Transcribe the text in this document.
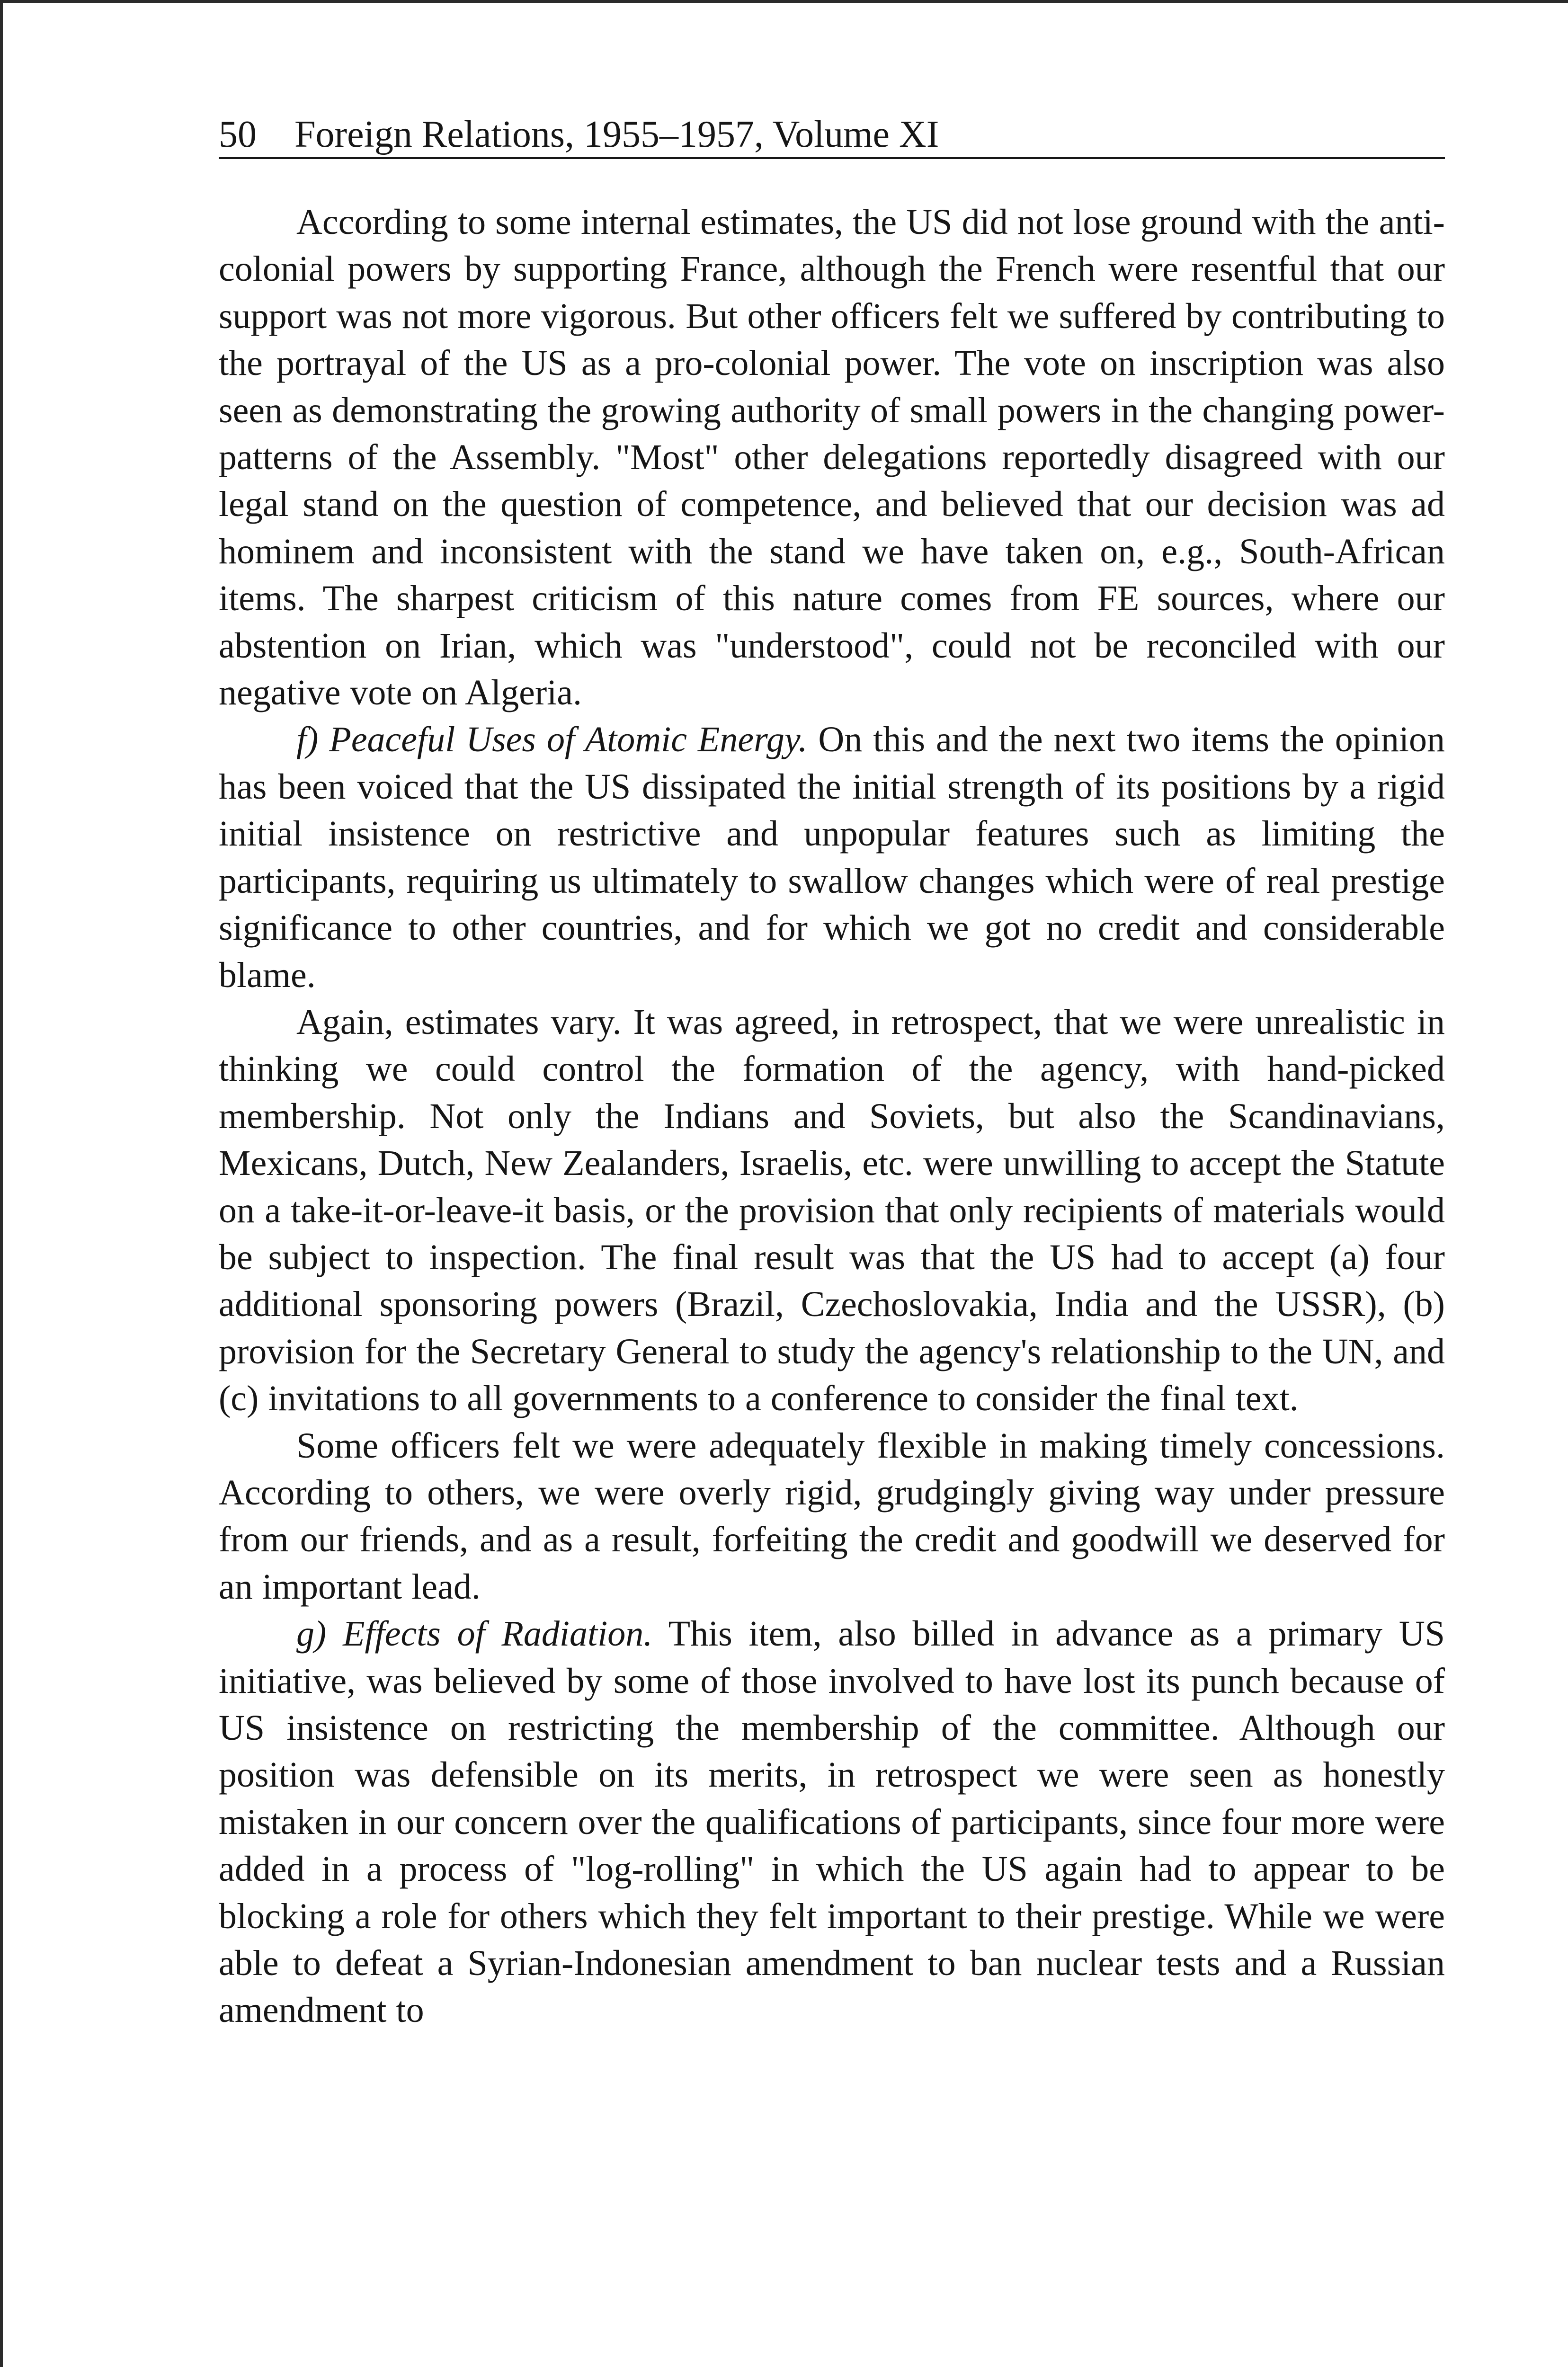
50 Foreign Relations, 1955–1957, Volume XI

According to some internal estimates, the US did not lose ground with the anti-colonial powers by supporting France, although the French were resentful that our support was not more vigorous. But other officers felt we suffered by contributing to the portrayal of the US as a pro-colonial power. The vote on inscription was also seen as demonstrating the growing authority of small powers in the changing power-patterns of the Assembly. "Most" other delegations reportedly disagreed with our legal stand on the question of competence, and believed that our decision was ad hominem and inconsistent with the stand we have taken on, e.g., South-African items. The sharpest criticism of this nature comes from FE sources, where our abstention on Irian, which was "understood", could not be reconciled with our negative vote on Algeria.

f) Peaceful Uses of Atomic Energy. On this and the next two items the opinion has been voiced that the US dissipated the initial strength of its positions by a rigid initial insistence on restrictive and unpopular features such as limiting the participants, requiring us ultimately to swallow changes which were of real prestige significance to other countries, and for which we got no credit and considerable blame.

Again, estimates vary. It was agreed, in retrospect, that we were unrealistic in thinking we could control the formation of the agency, with hand-picked membership. Not only the Indians and Soviets, but also the Scandinavians, Mexicans, Dutch, New Zealanders, Israelis, etc. were unwilling to accept the Statute on a take-it-or-leave-it basis, or the provision that only recipients of materials would be subject to inspection. The final result was that the US had to accept (a) four additional sponsoring powers (Brazil, Czechoslovakia, India and the USSR), (b) provision for the Secretary General to study the agency's relationship to the UN, and (c) invitations to all governments to a conference to consider the final text.

Some officers felt we were adequately flexible in making timely concessions. According to others, we were overly rigid, grudgingly giving way under pressure from our friends, and as a result, forfeiting the credit and goodwill we deserved for an important lead.

g) Effects of Radiation. This item, also billed in advance as a primary US initiative, was believed by some of those involved to have lost its punch because of US insistence on restricting the membership of the committee. Although our position was defensible on its merits, in retrospect we were seen as honestly mistaken in our concern over the qualifications of participants, since four more were added in a process of "log-rolling" in which the US again had to appear to be blocking a role for others which they felt important to their prestige. While we were able to defeat a Syrian-Indonesian amendment to ban nuclear tests and a Russian amendment to
